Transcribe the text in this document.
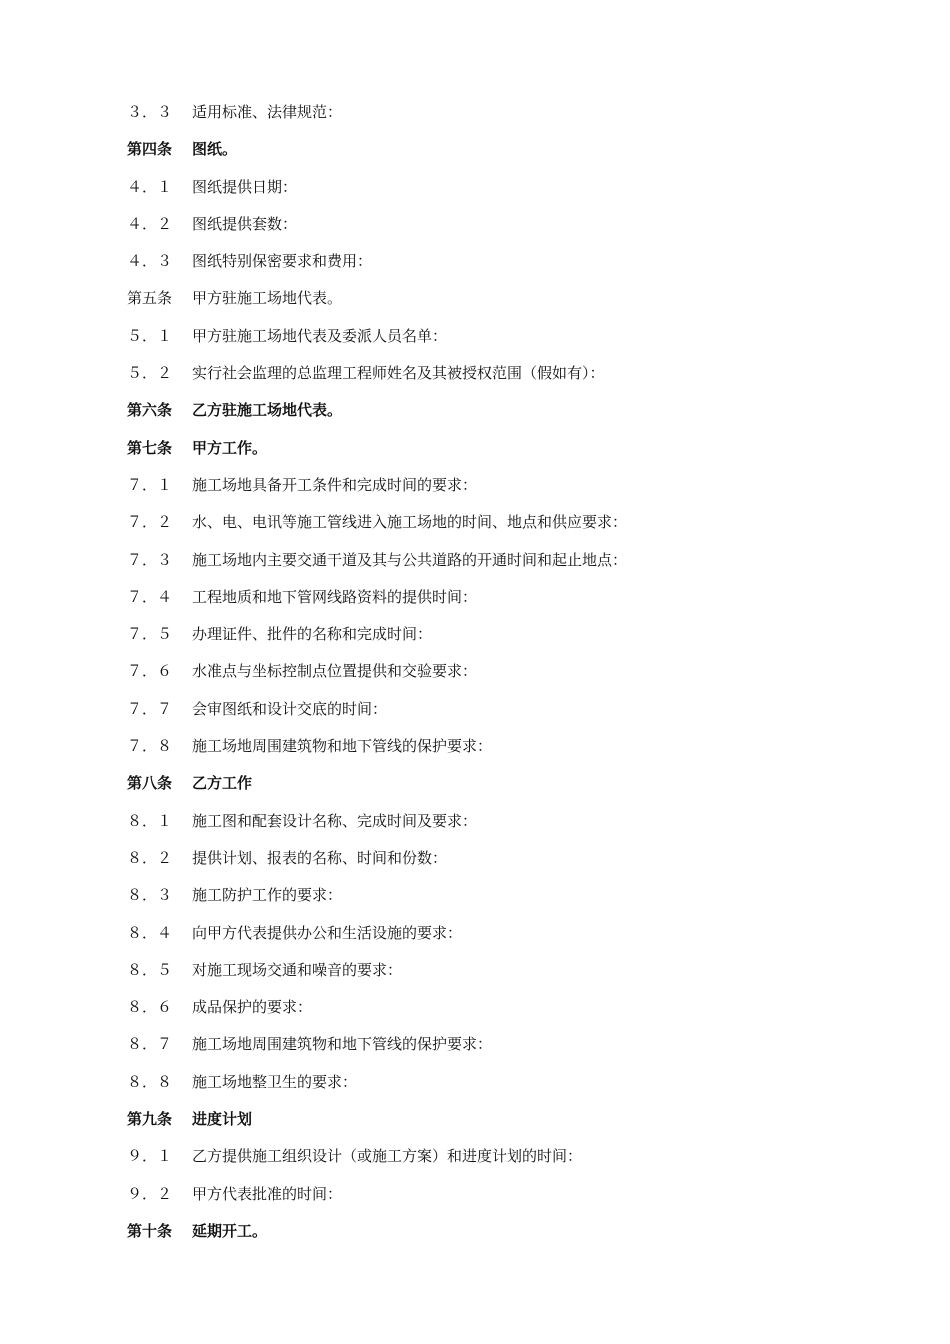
３．３	适用标准、法律规范：
第四条	图纸。
４．１	图纸提供日期：
４．２	图纸提供套数：
４．３	图纸特别保密要求和费用：
第五条	甲方驻施工场地代表。
５．１	甲方驻施工场地代表及委派人员名单：
５．２	实行社会监理的总监理工程师姓名及其被授权范围（假如有）：
第六条	乙方驻施工场地代表。
第七条	甲方工作。
７．１	施工场地具备开工条件和完成时间的要求：
７．２	水、电、电讯等施工管线进入施工场地的时间、地点和供应要求：
７．３	施工场地内主要交通干道及其与公共道路的开通时间和起止地点：
７．４	工程地质和地下管网线路资料的提供时间：
７．５	办理证件、批件的名称和完成时间：
７．６	水准点与坐标控制点位置提供和交验要求：
７．７	会审图纸和设计交底的时间：
７．８	施工场地周围建筑物和地下管线的保护要求：
第八条	乙方工作
８．１	施工图和配套设计名称、完成时间及要求：
８．２	提供计划、报表的名称、时间和份数：
８．３	施工防护工作的要求：
８．４	向甲方代表提供办公和生活设施的要求：
８．５	对施工现场交通和噪音的要求：
８．６	成品保护的要求：
８．７	施工场地周围建筑物和地下管线的保护要求：
８．８	施工场地整卫生的要求：
第九条	进度计划
９．１	乙方提供施工组织设计（或施工方案）和进度计划的时间：
９．２	甲方代表批准的时间：
第十条	延期开工。
